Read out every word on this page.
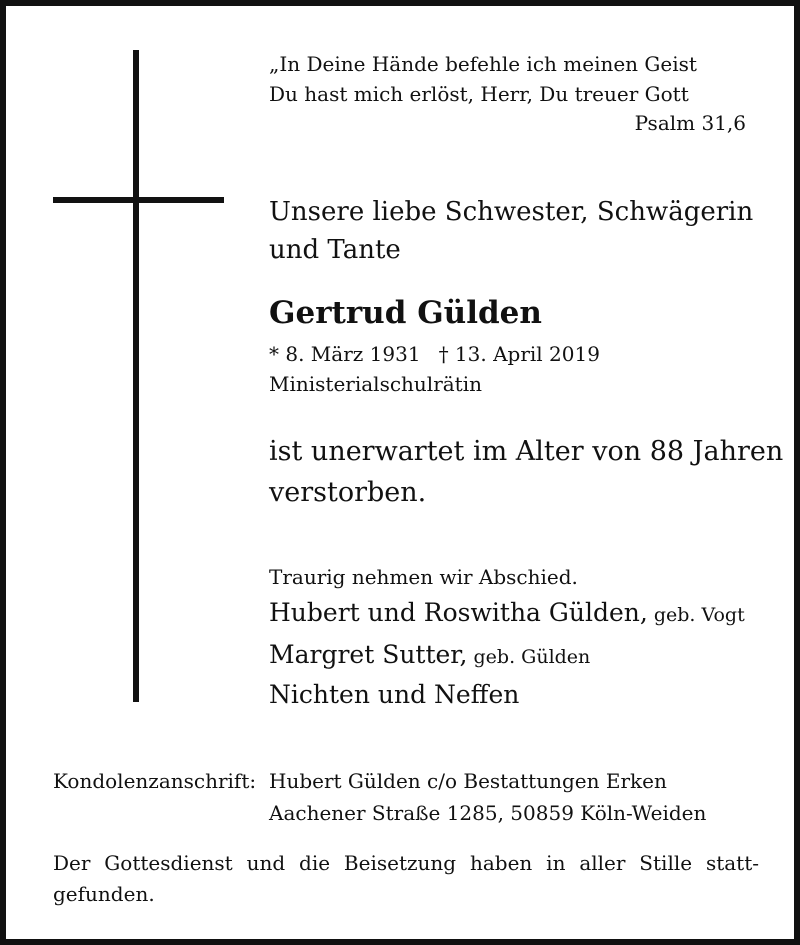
„In Deine Hände befehle ich meinen Geist
Du hast mich erlöst, Herr, Du treuer Gott
Psalm 31,6
Unsere liebe Schwester, Schwägerin
und Tante
Gertrud Gülden
* 8. März 1931 † 13. April 2019
Ministerialschulrätin
ist unerwartet im Alter von 88 Jahren
verstorben.
Traurig nehmen wir Abschied.
Hubert und Roswitha Gülden, geb. Vogt
Margret Sutter, geb. Gülden
Nichten und Neffen
Kondolenzanschrift: Hubert Gülden c/o Bestattungen Erken
Aachener Straße 1285, 50859 Köln-Weiden
Der Gottesdienst und die Beisetzung haben in aller Stille statt-
gefunden.
